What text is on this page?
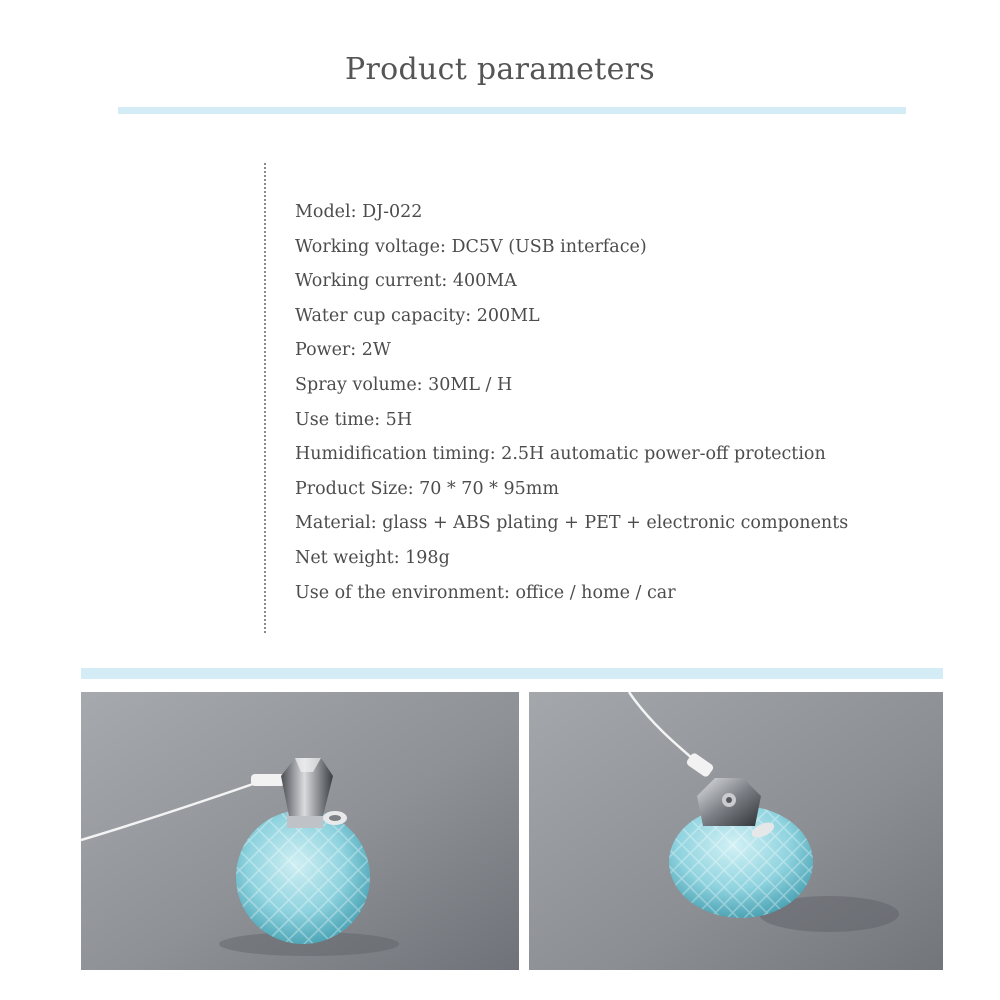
Product parameters
Model: DJ-022
Working voltage: DC5V (USB interface)
Working current: 400MA
Water cup capacity: 200ML
Power: 2W
Spray volume: 30ML / H
Use time: 5H
Humidification timing: 2.5H automatic power-off protection
Product Size: 70 * 70 * 95mm
Material: glass + ABS plating + PET + electronic components
Net weight: 198g
Use of the environment: office / home / car
